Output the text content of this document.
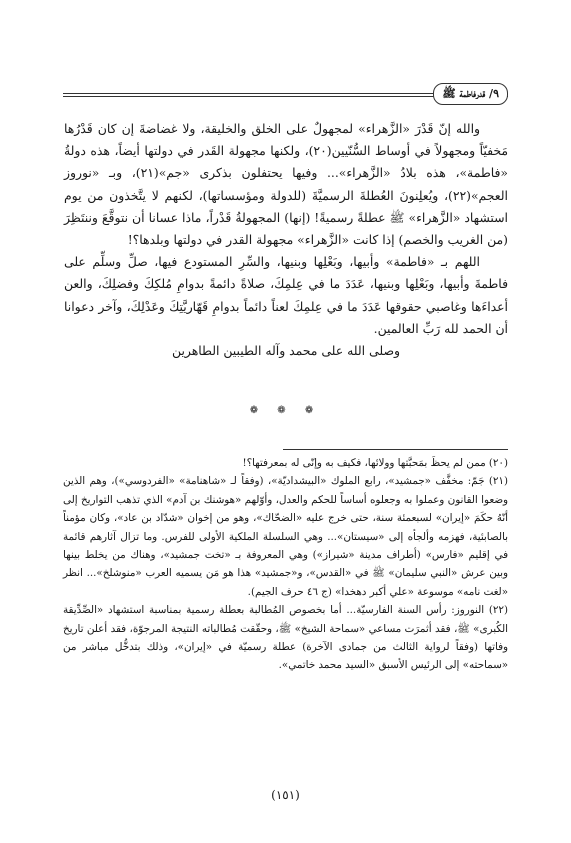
٩/ قدرفاطمة ﷺ

والله إنّ قَدْرَ «الزَّهراء» لمجهولٌ على الخلق والخليقة، ولا غضاضةَ إن كان قَدْرُها مَخفيّاً ومجهولاً في أوساط السُّنّيين(٢٠)، ولكنها مجهولة القَدر في دولتها أيضاً، هذه دولةُ «فاطمة»، هذه بلادُ «الزَّهراء»... وفيها يحتفلون بذكرى «جم»(٢١)، وبـ «نوروز العجم»(٢٢)، ويُعلِنونَ العُطلةَ الرسميَّةَ (للدولة ومؤسساتها)، لكنهم لا يتَّخذون من يوم استشهاد «الزَّهراء» ﷺ عطلةً رسميةً! (إنها) المجهولةُ قَدْراً، ماذا عسانا أن نتوقَّعَ وننتَظِرَ (من الغريب والخصم) إذا كانت «الزَّهراء» مجهولة القدر في دولتها وبلدها؟!

اللهم بـ «فاطمة» وأبيها، وبَعْلِها وبنيها، والسِّرِ المستودع فيها، صلِّ وسلِّم على فاطمةَ وأبيها، وبَعْلِها وبنيها، عَدَدَ ما في عِلمِكَ، صلاةً دائمةً بدوامِ مُلكِكَ وفضلِكَ، والعن أعداءَها وغاصبي حقوقها عَدَدَ ما في عِلمِكَ لعناً دائماً بدوامِ قَهّاريَّتِكَ وعَدْلِكَ، وآخر دعوانا أن الحمد لله رَبِّ العالمين.

وصلى الله على محمد وآله الطيبين الطاهرين

❁ ❁ ❁

(٢٠) ممن لم يحظَ بمَحبَّتها وولائها، فكيف به وإنّى له بمعرفتها؟!

(٢١) جَمّ: مخفَّف «جمشيد»، رابع الملوك «البيشداديّة»، (وفقاً لـ «شاهنامة» «الفردوسي»)، وهم الذين وضعوا القانون وعملوا به وجعلوه أساساً للحكم والعدل، وأوّلهم «هوشنك بن آدم» الذي تذهب التواريخ إلى أنّهُ حكَمَ «إيران» لسبعمئة سنة، حتى خرج عليه «الضحّاك»، وهو من إخوان «شدّاد بن عاد»، وكان مؤمناً بالصابئية، فهزمه وألجأه إلى «سيستان»... وهي السلسلة الملكية الأولى للفرس. وما تزال آثارهم قائمة في إقليم «فارس» (أطراف مدينة «شيراز») وهي المعروفة بـ «تخت جمشيد»، وهناك من يخلط بينها وبين عرش «النبي سليمان» ﷺ في «القدس»، و«جمشيد» هذا هو مَن يسميه العرب «منوشلخ»... انظر «لغت نامه» موسوعة «علي أكبر دهخدا» (ج ٤٦ حرف الجيم).

(٢٢) النوروز: رأس السنة الفارسيّة... أما بخصوص المُطالبة بعطلة رسمية بمناسبة استشهاد «الصِّدِّيقة الكُبرى» ﷺ، فقد أثمرَت مساعي «سماحة الشيخ» ﷺ، وحقّقت مُطالباته النتيجة المرجوّة، فقد أعلن تاريخ وفاتها (وفقاً لرواية الثالث من جمادى الآخرة) عطلة رسميّة في «إيران»، وذلك بتدخُّل مباشر من «سماحته» إلى الرئيس الأسبق «السيد محمد خاتمي».

(١٥١)
